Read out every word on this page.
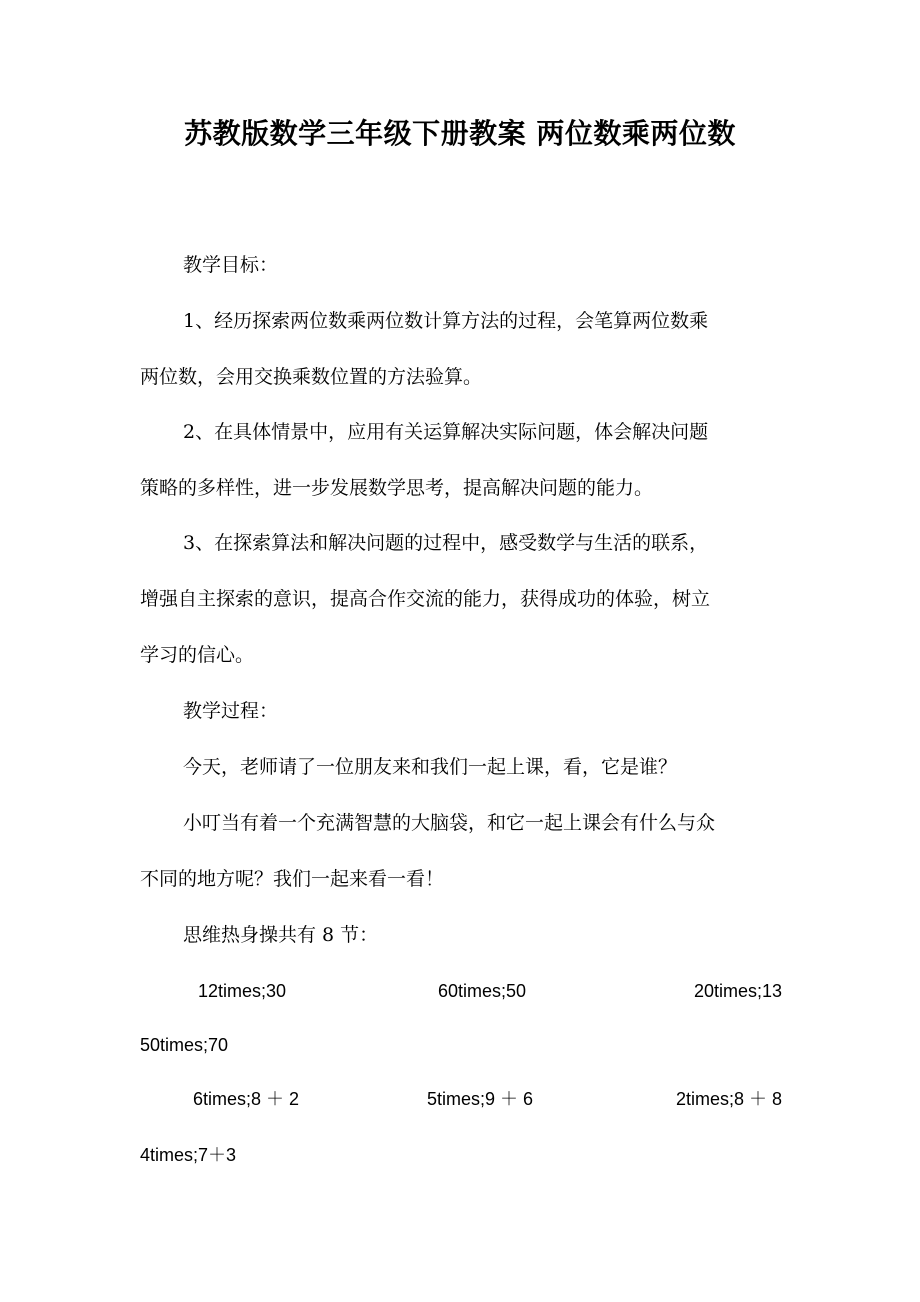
苏教版数学三年级下册教案 两位数乘两位数
教学目标：
1、经历探索两位数乘两位数计算方法的过程，会笔算两位数乘
两位数，会用交换乘数位置的方法验算。
2、在具体情景中，应用有关运算解决实际问题，体会解决问题
策略的多样性，进一步发展数学思考，提高解决问题的能力。
3、在探索算法和解决问题的过程中，感受数学与生活的联系，
增强自主探索的意识，提高合作交流的能力，获得成功的体验，树立
学习的信心。
教学过程：
今天，老师请了一位朋友来和我们一起上课，看，它是谁？
小叮当有着一个充满智慧的大脑袋，和它一起上课会有什么与众
不同的地方呢？我们一起来看一看！
思维热身操共有 8 节：
12times;30	60times;50	20times;13
50times;70
6times;8 ＋ 2	5times;9 ＋ 6	2times;8 ＋ 8
4times;7＋3
